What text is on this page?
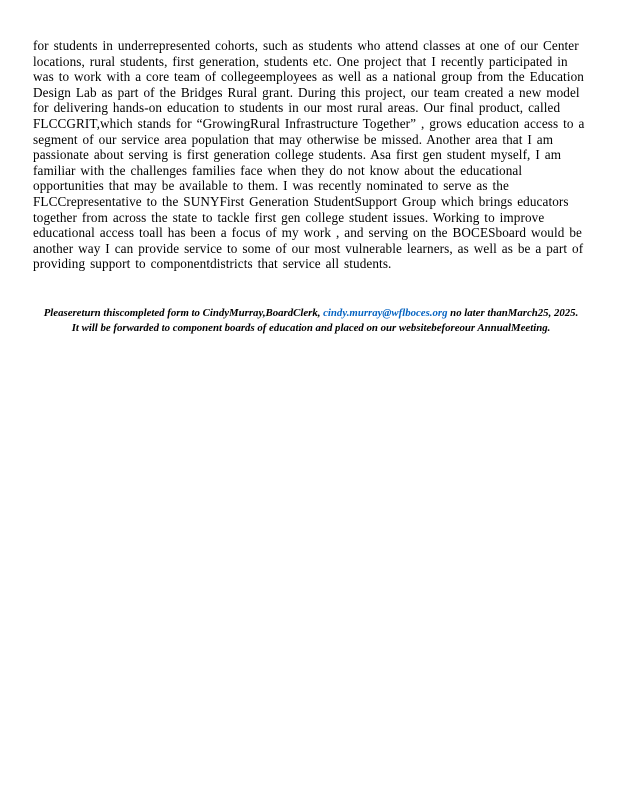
for students in underrepresented cohorts, such as students who attend classes at one of our Center locations, rural students, first generation, students etc. One project that I recently participated in was to work with a core team of collegeemployees as well as a national group from the Education Design Lab as part of the Bridges Rural grant. During this project, our team created a new model for delivering hands-on education to students in our most rural areas. Our final product, called FLCCGRIT,which stands for “GrowingRural Infrastructure Together” , grows education access to a segment of our service area population that may otherwise be missed. Another area that I am passionate about serving is first generation college students. Asa first gen student myself, I am familiar with the challenges families face when they do not know about the educational opportunities that may be available to them. I was recently nominated to serve as the FLCCrepresentative to the SUNYFirst Generation StudentSupport Group which brings educators together from across the state to tackle first gen college student issues. Working to improve educational access toall has been a focus of my work , and serving on the BOCESboard would be another way I can provide service to some of our most vulnerable learners, as well as be a part of providing support to componentdistricts that service all students.

Pleasereturn thiscompleted form to CindyMurray,BoardClerk, cindy.murray@wflboces.org no later thanMarch25, 2025.
It will be forwarded to component boards of education and placed on our websitebeforeour AnnualMeeting.
